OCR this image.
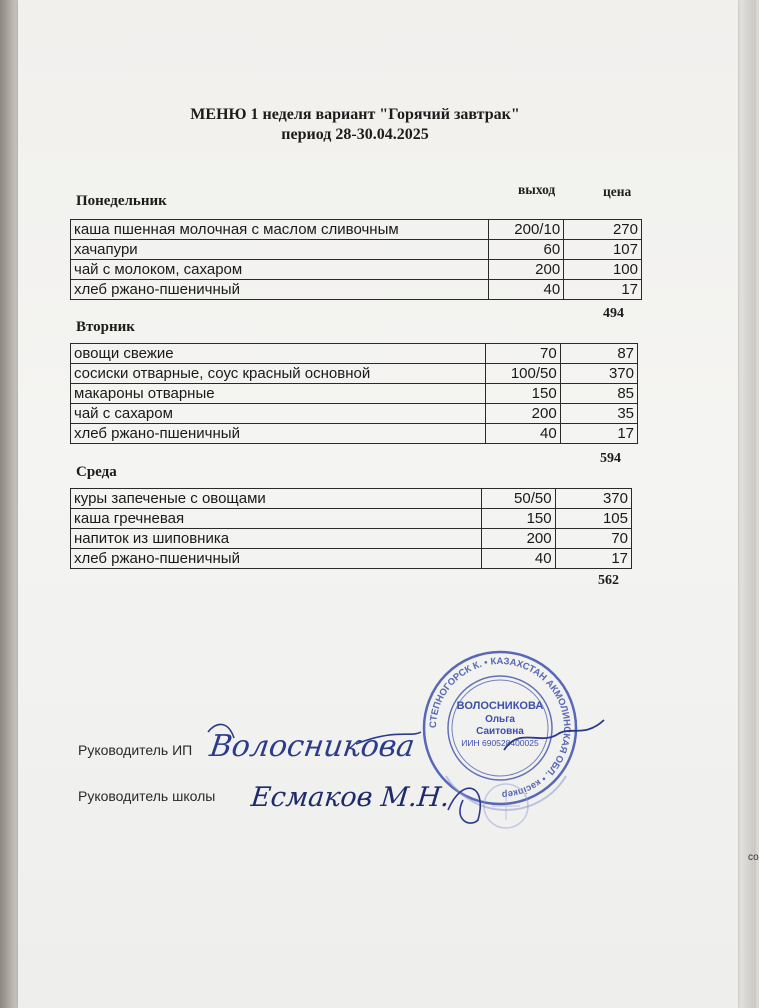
МЕНЮ 1 неделя вариант "Горячий завтрак"
период 28-30.04.2025
выход	цена
Понедельник
каша пшенная молочная с маслом сливочным	200/10	270
хачапури	60	107
чай с молоком, сахаром	200	100
хлеб ржано-пшеничный	40	17
494
Вторник
овощи свежие	70	87
сосиски отварные, соус красный основной	100/50	370
макароны отварные	150	85
чай с сахаром	200	35
хлеб ржано-пшеничный	40	17
594
Среда
куры запеченые с овощами	50/50	370
каша гречневая	150	105
напиток из шиповника	200	70
хлеб ржано-пшеничный	40	17
562
Руководитель ИП
Руководитель школы
СТЕПНОГОРСК К. • КАЗАХСТАН АКМОЛИНСКАЯ ОБЛ. • кәсіпкер
ВОЛОСНИКОВА
Ольга
Саитовна
ИИН 690528400025
Волосникова
Есмаков М.Н.
со
